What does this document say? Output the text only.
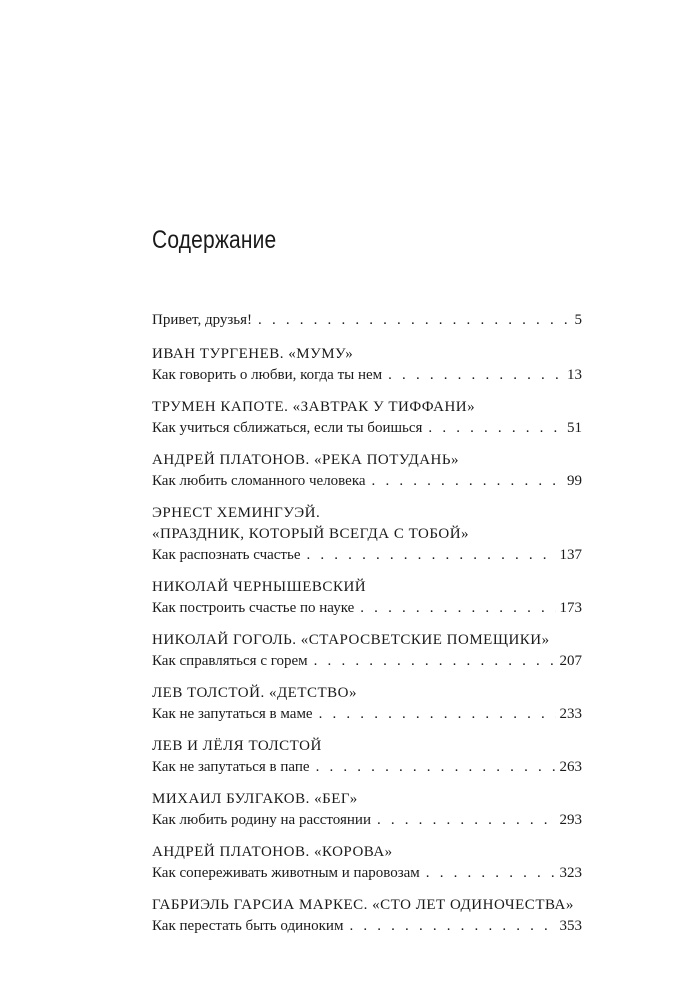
Содержание
Привет, друзья! . . .	5
ИВАН ТУРГЕНЕВ. «МУМУ»
Как говорить о любви, когда ты нем . . .	13
ТРУМЕН КАПОТЕ. «ЗАВТРАК У ТИФФАНИ»
Как учиться сближаться, если ты боишься . . .	51
АНДРЕЙ ПЛАТОНОВ. «РЕКА ПОТУДАНЬ»
Как любить сломанного человека . . .	99
ЭРНЕСТ ХЕМИНГУЭЙ.
«ПРАЗДНИК, КОТОРЫЙ ВСЕГДА С ТОБОЙ»
Как распознать счастье . . .	137
НИКОЛАЙ ЧЕРНЫШЕВСКИЙ
Как построить счастье по науке . . .	173
НИКОЛАЙ ГОГОЛЬ. «СТАРОСВЕТСКИЕ ПОМЕЩИКИ»
Как справляться с горем . . .	207
ЛЕВ ТОЛСТОЙ. «ДЕТСТВО»
Как не запутаться в маме . . .	233
ЛЕВ И ЛЁЛЯ ТОЛСТОЙ
Как не запутаться в папе . . .	263
МИХАИЛ БУЛГАКОВ. «БЕГ»
Как любить родину на расстоянии . . .	293
АНДРЕЙ ПЛАТОНОВ. «КОРОВА»
Как сопереживать животным и паровозам . . .	323
ГАБРИЭЛЬ ГАРСИА МАРКЕС. «СТО ЛЕТ ОДИНОЧЕСТВА»
Как перестать быть одиноким . . .	353
